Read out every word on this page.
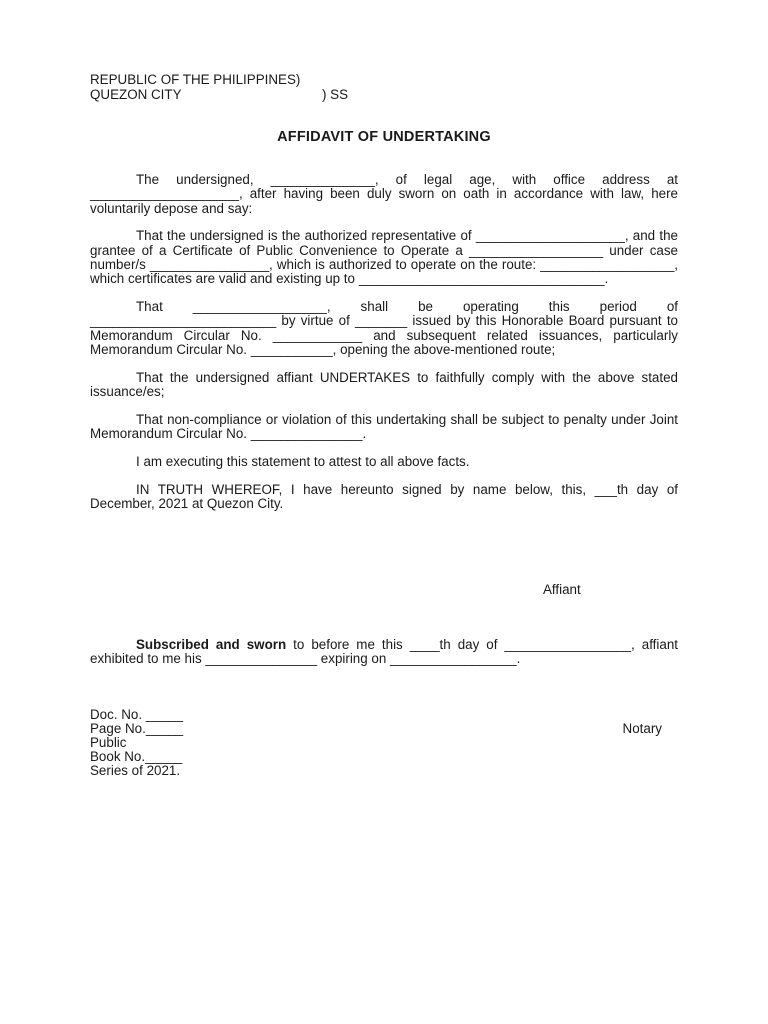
REPUBLIC OF THE PHILIPPINES)
QUEZON CITY	) SS
AFFIDAVIT OF UNDERTAKING

The undersigned, ______________, of legal age, with office address at ____________________, after having been duly sworn on oath in accordance with law, here voluntarily depose and say:

That the undersigned is the authorized representative of ____________________, and the grantee of a Certificate of Public Convenience to Operate a __________________ under case number/s ________________, which is authorized to operate on the route: __________________, which certificates are valid and existing up to _________________________________.

That __________________, shall be operating this period of _________________________ by virtue of _______ issued by this Honorable Board pursuant to Memorandum Circular No. ____________ and subsequent related issuances, particularly Memorandum Circular No. ___________, opening the above-mentioned route;

That the undersigned affiant UNDERTAKES to faithfully comply with the above stated issuance/es;

That non-compliance or violation of this undertaking shall be subject to penalty under Joint Memorandum Circular No. _______________.

I am executing this statement to attest to all above facts.

IN TRUTH WHEREOF, I have hereunto signed by name below, this, ___th day of December, 2021 at Quezon City.

Affiant

Subscribed and sworn to before me this ____th day of _________________, affiant exhibited to me his _______________ expiring on _________________.

Doc. No. _____
Page No._____	Notary
Public
Book No._____
Series of 2021.
